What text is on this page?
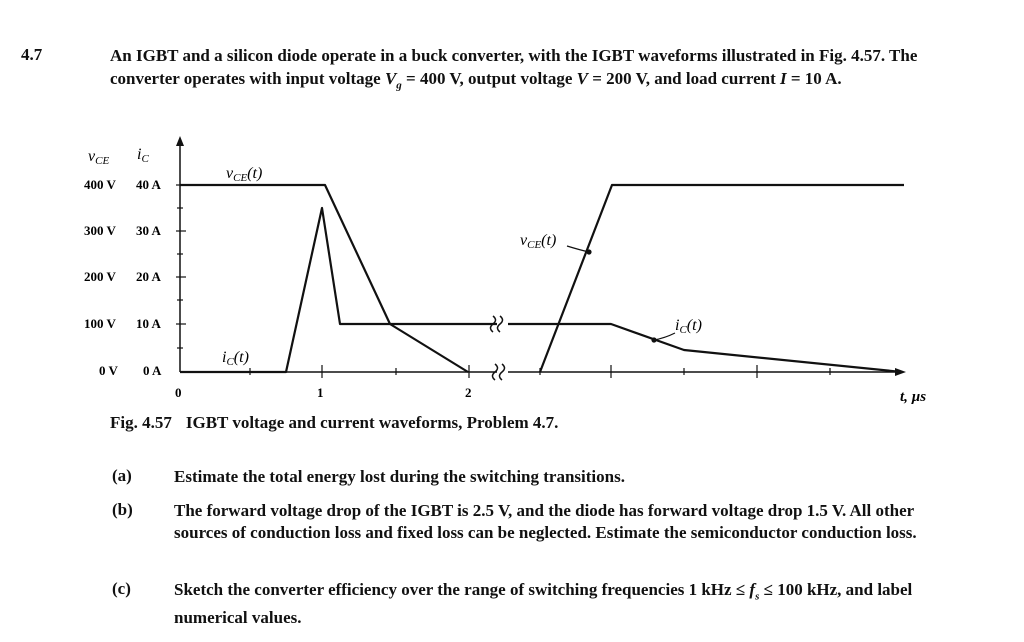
4.7	An IGBT and a silicon diode operate in a buck converter, with the IGBT waveforms illustrated in Fig. 4.57. The converter operates with input voltage $V_g = 400$ V, output voltage V = 200 V, and load current I = 10 A.
vCE iC
400 V 40 A
300 V 30 A
200 V 20 A
100 V 10 A
0 V 0 A
0	1	2	t, µs
vCE(t)
iC(t)
vCE(t)
iC(t)
Fig. 4.57 IGBT voltage and current waveforms, Problem 4.7.
(a) Estimate the total energy lost during the switching transitions.
(b) The forward voltage drop of the IGBT is 2.5 V, and the diode has forward voltage drop 1.5 V. All other sources of conduction loss and fixed loss can be neglected. Estimate the semiconductor conduction loss.
(c)	Sketch the converter efficiency over the range of switching frequencies 1 kHz ≤ $f_s \le 100$ kHz, and label numerical values.
